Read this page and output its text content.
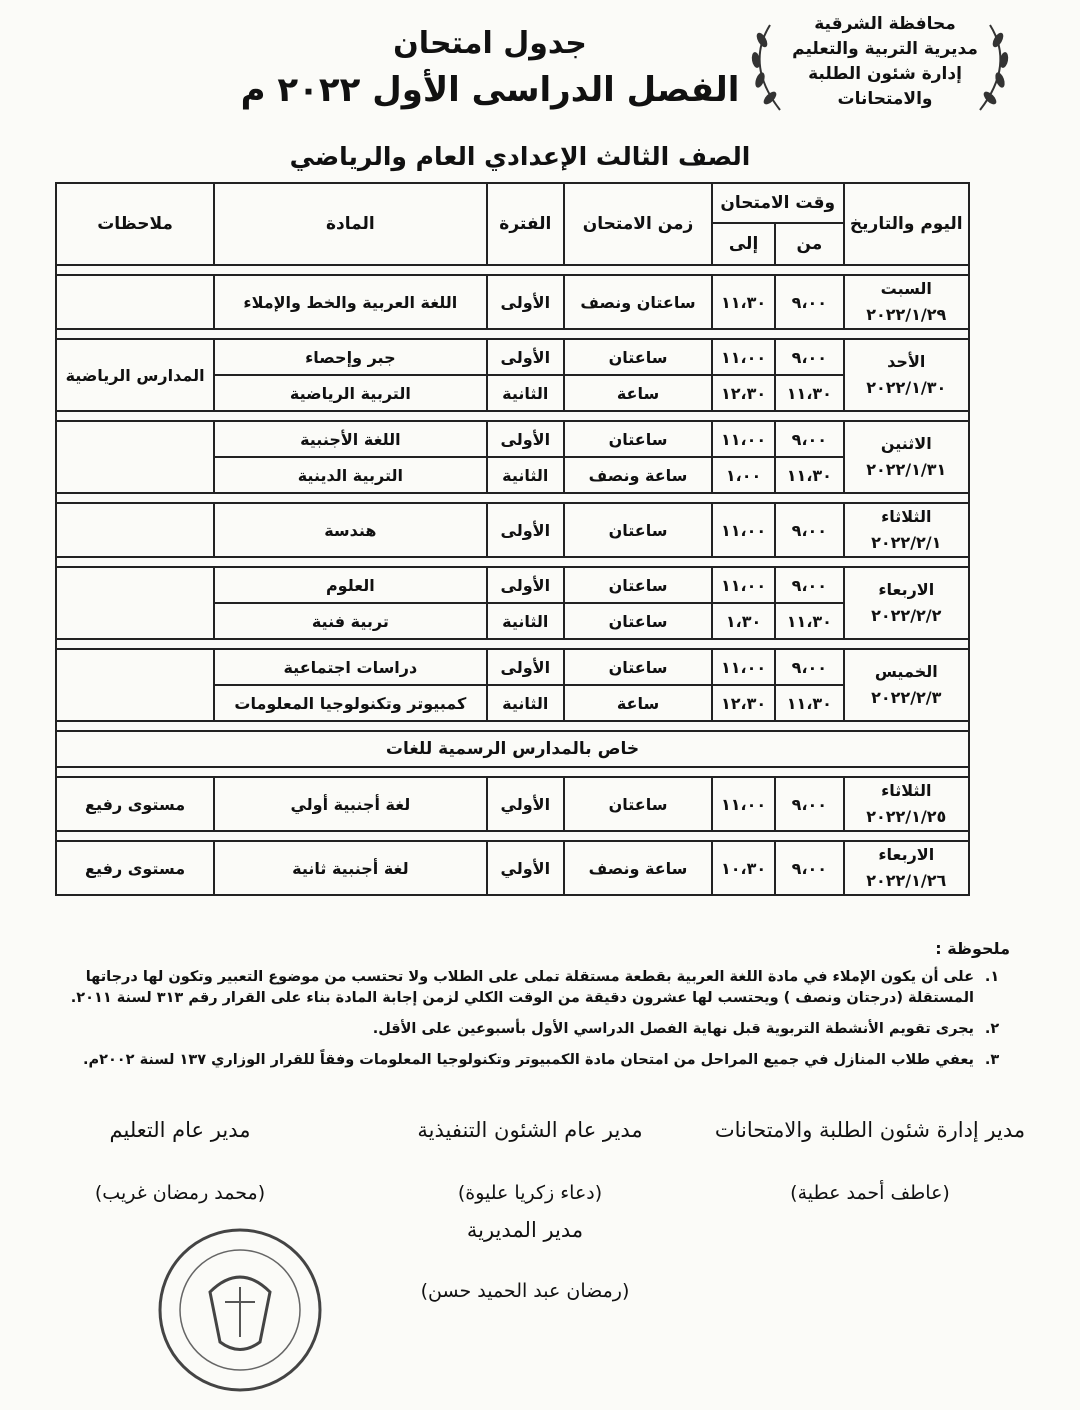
محافظة الشرقية
مديرية التربية والتعليم
إدارة شئون الطلبة والامتحانات
جدول امتحان
الفصل الدراسى الأول ٢٠٢٢ م
الصف الثالث الإعدادي العام والرياضي
اليوم والتاريخ	وقت الامتحان		زمن الامتحان	الفترة	المادة	ملاحظات
	من	إلى				

السبت
٢٠٢٢/١/٢٩	٩،٠٠	١١،٣٠	ساعتان ونصف	الأولى	اللغة العربية والخط والإملاء	

الأحد
٢٠٢٢/١/٣٠	٩،٠٠	١١،٠٠	ساعتان	الأولى	جبر وإحصاء	المدارس الرياضية
	١١،٣٠	١٢،٣٠	ساعة	الثانية	التربية الرياضية	

الاثنين
٢٠٢٢/١/٣١	٩،٠٠	١١،٠٠	ساعتان	الأولى	اللغة الأجنبية	
	١١،٣٠	١،٠٠	ساعة ونصف	الثانية	التربية الدينية	

الثلاثاء
٢٠٢٢/٢/١	٩،٠٠	١١،٠٠	ساعتان	الأولى	هندسة	

الاربعاء
٢٠٢٢/٢/٢	٩،٠٠	١١،٠٠	ساعتان	الأولى	العلوم	
	١١،٣٠	١،٣٠	ساعتان	الثانية	تربية فنية	

الخميس
٢٠٢٢/٢/٣	٩،٠٠	١١،٠٠	ساعتان	الأولى	دراسات اجتماعية	
	١١،٣٠	١٢،٣٠	ساعة	الثانية	كمبيوتر وتكنولوجيا المعلومات	

خاص بالمدارس الرسمية للغات						

الثلاثاء
٢٠٢٢/١/٢٥	٩،٠٠	١١،٠٠	ساعتان	الأولي	لغة أجنبية أولي	مستوى رفيع

الاربعاء
٢٠٢٢/١/٢٦	٩،٠٠	١٠،٣٠	ساعة ونصف	الأولي	لغة أجنبية ثانية	مستوى رفيع
ملحوظة :
١.
على أن يكون الإملاء في مادة اللغة العربية بقطعة مستقلة تملى على الطلاب ولا تحتسب من موضوع التعبير وتكون لها درجاتها المستقلة (درجتان ونصف ) ويحتسب لها عشرون دقيقة من الوقت الكلي لزمن إجابة المادة بناء على القرار رقم ٣١٣ لسنة ٢٠١١.
٢.
يجرى تقويم الأنشطة التربوية قبل نهاية الفصل الدراسي الأول بأسبوعين على الأقل.
٣.
يعفي طلاب المنازل في جميع المراحل من امتحان مادة الكمبيوتر وتكنولوجيا المعلومات وفقاً للقرار الوزاري ١٣٧ لسنة ٢٠٠٢م.
مدير إدارة شئون الطلبة والامتحانات
(عاطف أحمد عطية)
مدير عام الشئون التنفيذية
(دعاء زكريا عليوة)
مدير عام التعليم
(محمد رمضان غريب)
مدير المديرية
(رمضان عبد الحميد حسن)
